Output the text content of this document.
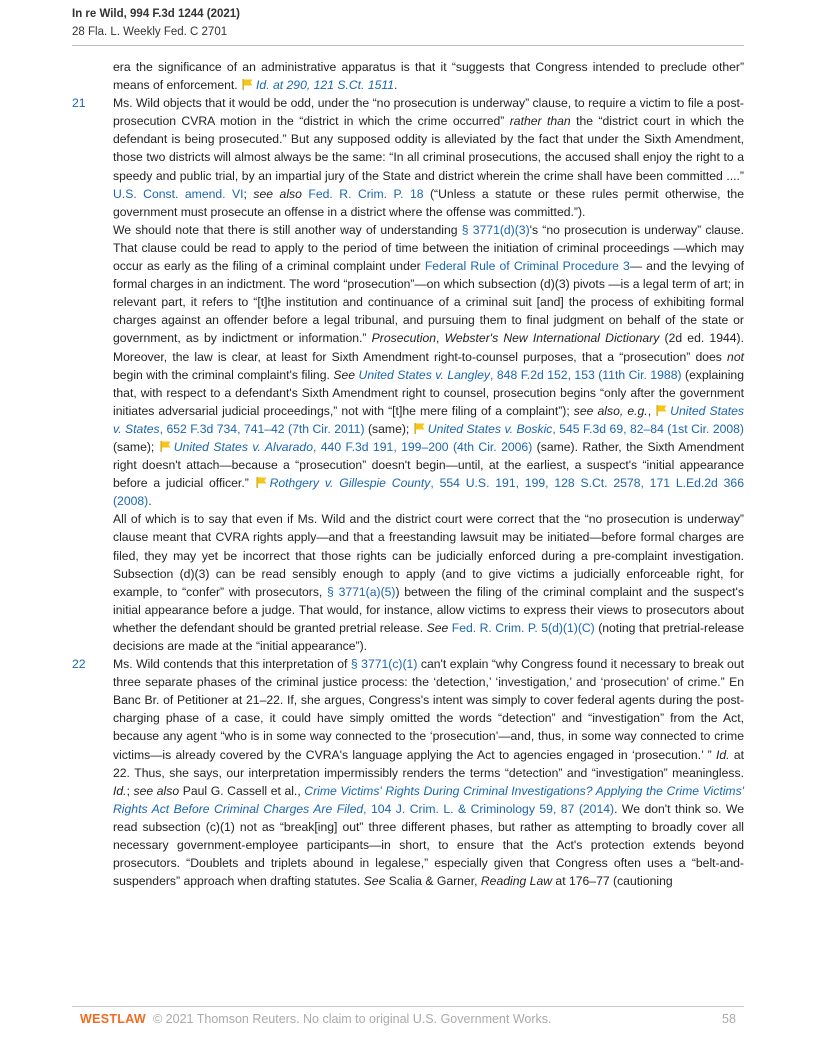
In re Wild, 994 F.3d 1244 (2021)
28 Fla. L. Weekly Fed. C 2701
era the significance of an administrative apparatus is that it “suggests that Congress intended to preclude other” means of enforcement. Id. at 290, 121 S.Ct. 1511.
21 Ms. Wild objects that it would be odd, under the “no prosecution is underway” clause, to require a victim to file a post-prosecution CVRA motion in the “district in which the crime occurred” rather than the “district court in which the defendant is being prosecuted.” But any supposed oddity is alleviated by the fact that under the Sixth Amendment, those two districts will almost always be the same: “In all criminal prosecutions, the accused shall enjoy the right to a speedy and public trial, by an impartial jury of the State and district wherein the crime shall have been committed ....” U.S. Const. amend. VI; see also Fed. R. Crim. P. 18 (“Unless a statute or these rules permit otherwise, the government must prosecute an offense in a district where the offense was committed.”).
We should note that there is still another way of understanding § 3771(d)(3)'s “no prosecution is underway” clause. That clause could be read to apply to the period of time between the initiation of criminal proceedings —which may occur as early as the filing of a criminal complaint under Federal Rule of Criminal Procedure 3— and the levying of formal charges in an indictment. The word “prosecution”—on which subsection (d)(3) pivots —is a legal term of art; in relevant part, it refers to “[t]he institution and continuance of a criminal suit [and] the process of exhibiting formal charges against an offender before a legal tribunal, and pursuing them to final judgment on behalf of the state or government, as by indictment or information.” Prosecution, Webster's New International Dictionary (2d ed. 1944). Moreover, the law is clear, at least for Sixth Amendment right-to-counsel purposes, that a “prosecution” does not begin with the criminal complaint's filing. See United States v. Langley, 848 F.2d 152, 153 (11th Cir. 1988) (explaining that, with respect to a defendant's Sixth Amendment right to counsel, prosecution begins “only after the government initiates adversarial judicial proceedings,” not with “[t]he mere filing of a complaint”); see also, e.g., United States v. States, 652 F.3d 734, 741–42 (7th Cir. 2011) (same); United States v. Boskic, 545 F.3d 69, 82–84 (1st Cir. 2008) (same); United States v. Alvarado, 440 F.3d 191, 199–200 (4th Cir. 2006) (same). Rather, the Sixth Amendment right doesn't attach—because a “prosecution” doesn't begin—until, at the earliest, a suspect's “initial appearance before a judicial officer.” Rothgery v. Gillespie County, 554 U.S. 191, 199, 128 S.Ct. 2578, 171 L.Ed.2d 366 (2008).
All of which is to say that even if Ms. Wild and the district court were correct that the “no prosecution is underway” clause meant that CVRA rights apply—and that a freestanding lawsuit may be initiated—before formal charges are filed, they may yet be incorrect that those rights can be judicially enforced during a pre-complaint investigation. Subsection (d)(3) can be read sensibly enough to apply (and to give victims a judicially enforceable right, for example, to “confer” with prosecutors, § 3771(a)(5)) between the filing of the criminal complaint and the suspect's initial appearance before a judge. That would, for instance, allow victims to express their views to prosecutors about whether the defendant should be granted pretrial release. See Fed. R. Crim. P. 5(d)(1)(C) (noting that pretrial-release decisions are made at the “initial appearance”).
22 Ms. Wild contends that this interpretation of § 3771(c)(1) can't explain “why Congress found it necessary to break out three separate phases of the criminal justice process: the ‘detection,’ ‘investigation,’ and ‘prosecution’ of crime.” En Banc Br. of Petitioner at 21–22. If, she argues, Congress's intent was simply to cover federal agents during the post-charging phase of a case, it could have simply omitted the words “detection” and “investigation” from the Act, because any agent “who is in some way connected to the ‘prosecution’—and, thus, in some way connected to crime victims—is already covered by the CVRA's language applying the Act to agencies engaged in ‘prosecution.’ ” Id. at 22. Thus, she says, our interpretation impermissibly renders the terms “detection” and “investigation” meaningless. Id.; see also Paul G. Cassell et al., Crime Victims' Rights During Criminal Investigations? Applying the Crime Victims' Rights Act Before Criminal Charges Are Filed, 104 J. Crim. L. & Criminology 59, 87 (2014). We don't think so. We read subsection (c)(1) not as “break[ing] out” three different phases, but rather as attempting to broadly cover all necessary government-employee participants—in short, to ensure that the Act's protection extends beyond prosecutors. “Doublets and triplets abound in legalese,” especially given that Congress often uses a “belt-and-suspenders” approach when drafting statutes. See Scalia & Garner, Reading Law at 176–77 (cautioning
WESTLAW © 2021 Thomson Reuters. No claim to original U.S. Government Works.	58
